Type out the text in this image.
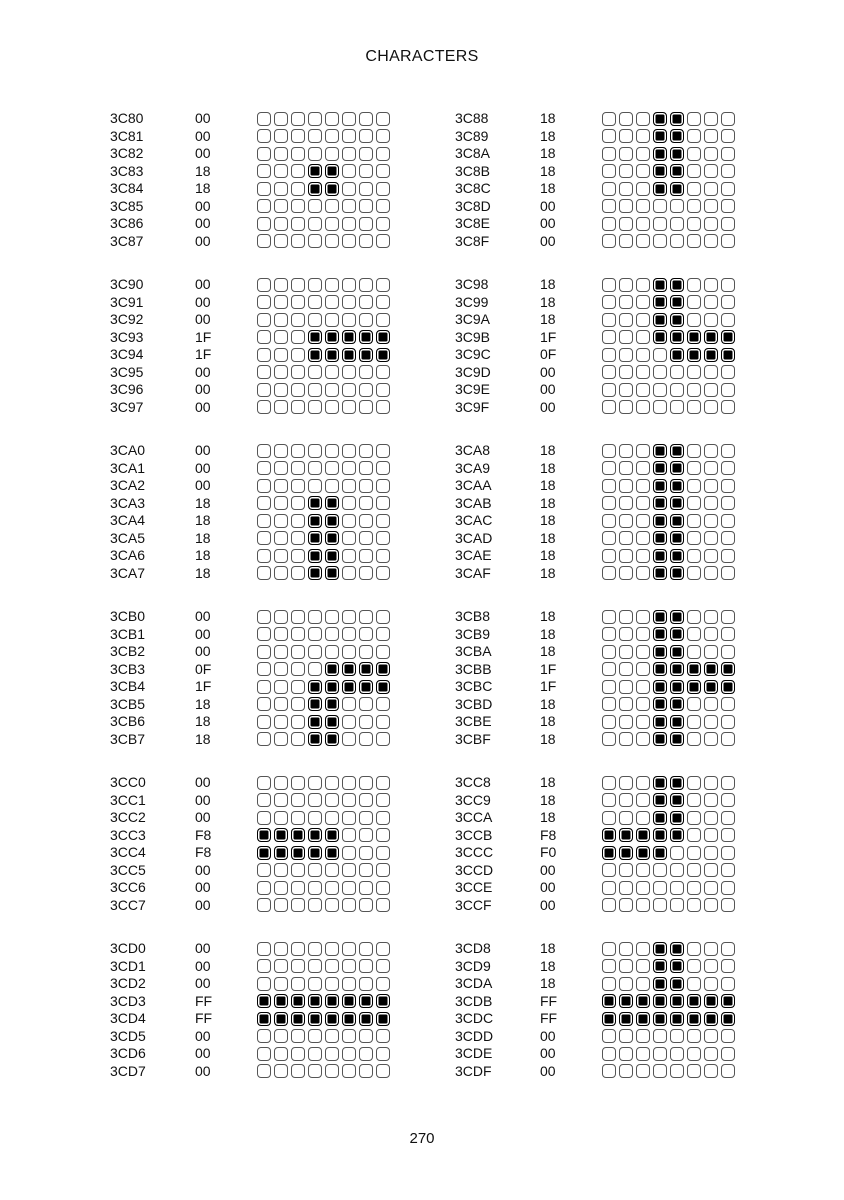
CHARACTERS
3C80
3C81
3C82
3C83
3C84
3C85
3C86
3C87
00
00
00
18
18
00
00
00
3C88
3C89
3C8A
3C8B
3C8C
3C8D
3C8E
3C8F
18
18
18
18
18
00
00
00
3C90
3C91
3C92
3C93
3C94
3C95
3C96
3C97
00
00
00
1F
1F
00
00
00
3C98
3C99
3C9A
3C9B
3C9C
3C9D
3C9E
3C9F
18
18
18
1F
0F
00
00
00
3CA0
3CA1
3CA2
3CA3
3CA4
3CA5
3CA6
3CA7
00
00
00
18
18
18
18
18
3CA8
3CA9
3CAA
3CAB
3CAC
3CAD
3CAE
3CAF
18
18
18
18
18
18
18
18
3CB0
3CB1
3CB2
3CB3
3CB4
3CB5
3CB6
3CB7
00
00
00
0F
1F
18
18
18
3CB8
3CB9
3CBA
3CBB
3CBC
3CBD
3CBE
3CBF
18
18
18
1F
1F
18
18
18
3CC0
3CC1
3CC2
3CC3
3CC4
3CC5
3CC6
3CC7
00
00
00
F8
F8
00
00
00
3CC8
3CC9
3CCA
3CCB
3CCC
3CCD
3CCE
3CCF
18
18
18
F8
F0
00
00
00
3CD0
3CD1
3CD2
3CD3
3CD4
3CD5
3CD6
3CD7
00
00
00
FF
FF
00
00
00
3CD8
3CD9
3CDA
3CDB
3CDC
3CDD
3CDE
3CDF
18
18
18
FF
FF
00
00
00
270
